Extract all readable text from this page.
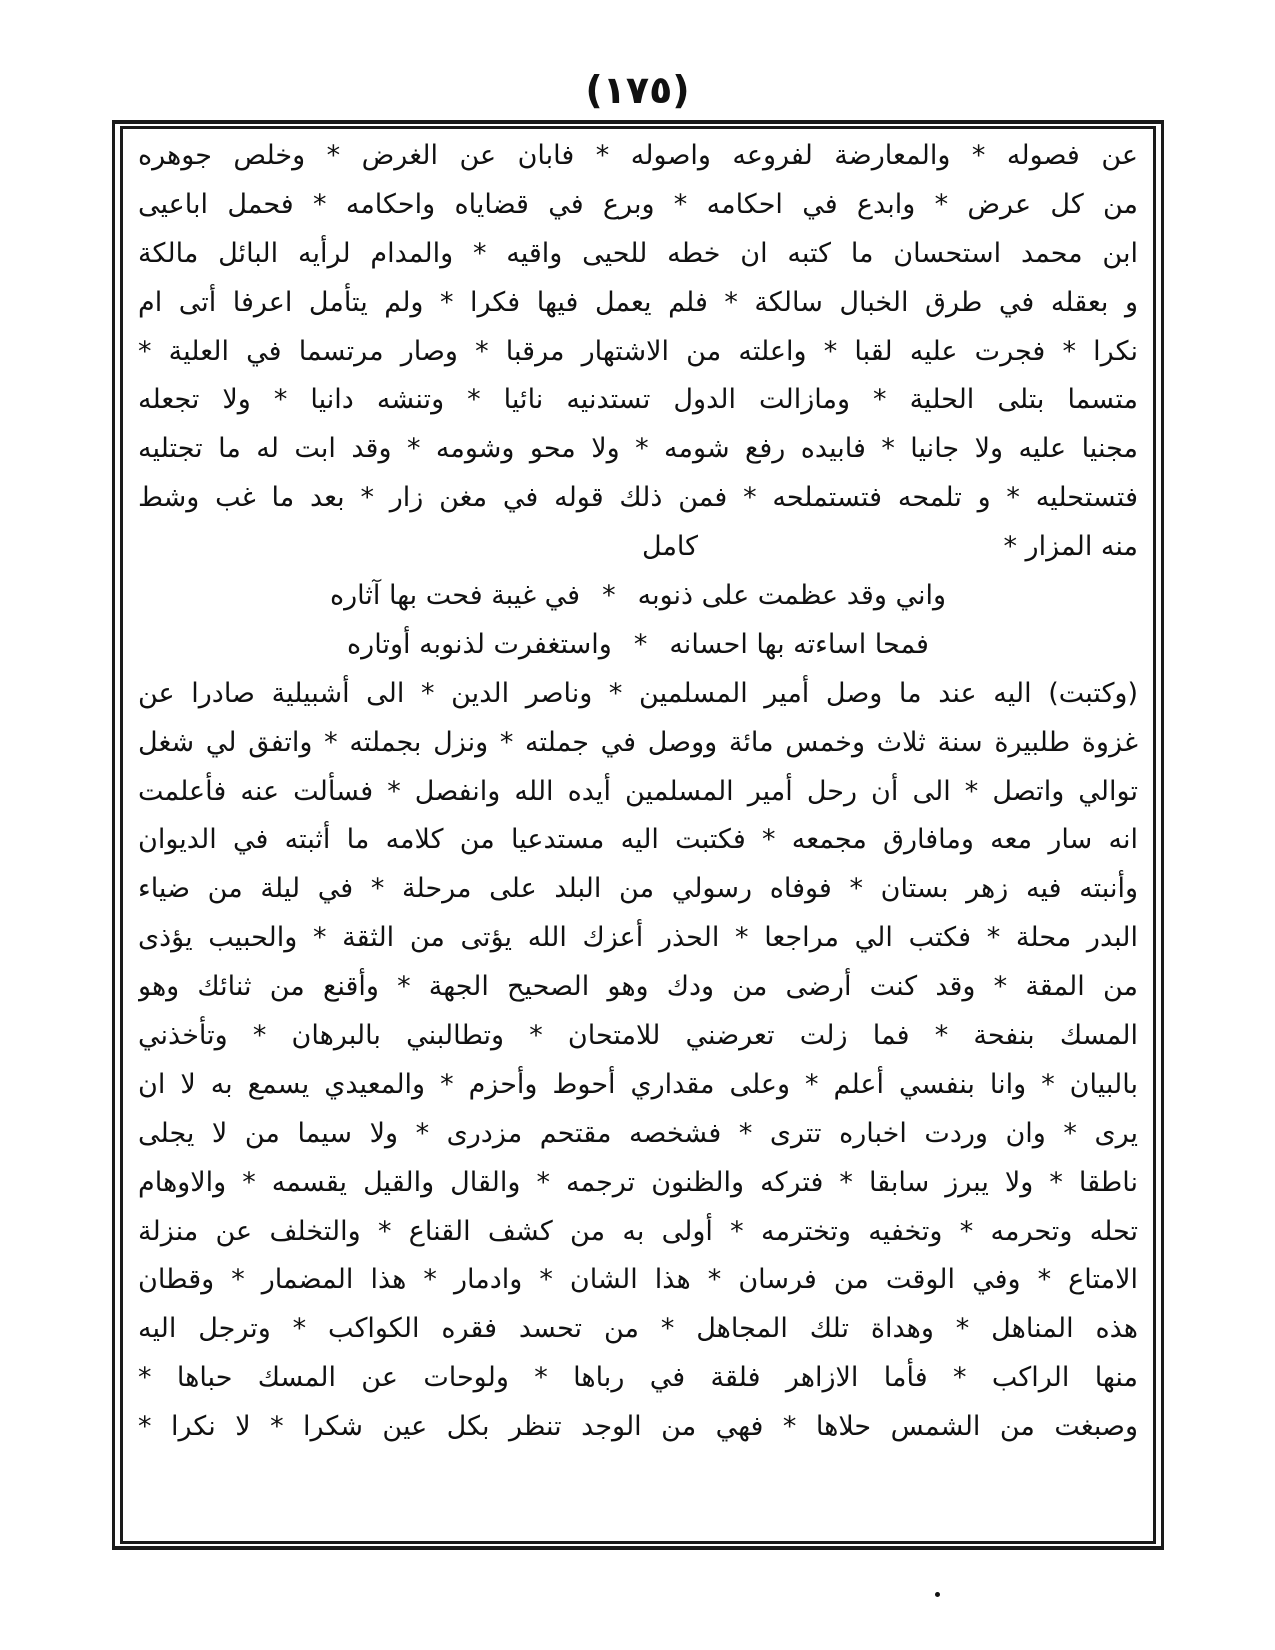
(١٧٥)
عن فصوله * والمعارضة لفروعه واصوله * فابان عن الغرض * وخلص جوهره
من كل عرض * وابدع في احكامه * وبرع في قضاياه واحكامه * فحمل اباعيى
ابن محمد استحسان ما كتبه ان خطه للحيى واقيه * والمدام لرأيه البائل مالكة
و بعقله في طرق الخبال سالكة * فلم يعمل فيها فكرا * ولم يتأمل اعرفا أتى ام
نكرا * فجرت عليه لقبا * واعلته من الاشتهار مرقبا * وصار مرتسما في العلية *
متسما بتلى الحلية * ومازالت الدول تستدنيه نائيا * وتنشه دانيا * ولا تجعله
مجنيا عليه ولا جانيا * فابيده رفع شومه * ولا محو وشومه * وقد ابت له ما تجتليه
فتستحليه * و تلمحه فتستملحه * فمن ذلك قوله في مغن زار * بعد ما غب وشط
منه المزار *
كامل
واني وقد عظمت على ذنوبه
*
في غيبة فحت بها آثاره
فمحا اساءته بها احسانه
*
واستغفرت لذنوبه أوتاره
(وكتبت) اليه عند ما وصل أمير المسلمين * وناصر الدين * الى أشبيلية صادرا عن
غزوة طلبيرة سنة ثلاث وخمس مائة ووصل في جملته * ونزل بجملته * واتفق لي شغل
توالي واتصل * الى أن رحل أمير المسلمين أيده الله وانفصل * فسألت عنه فأعلمت
انه سار معه ومافارق مجمعه * فكتبت اليه مستدعيا من كلامه ما أثبته في الديوان
وأنبته فيه زهر بستان * فوفاه رسولي من البلد على مرحلة * في ليلة من ضياء
البدر محلة * فكتب الي مراجعا * الحذر أعزك الله يؤتى من الثقة * والحبيب يؤذى
من المقة * وقد كنت أرضى من ودك وهو الصحيح الجهة * وأقنع من ثنائك وهو
المسك بنفحة * فما زلت تعرضني للامتحان * وتطالبني بالبرهان * وتأخذني
بالبيان * وانا بنفسي أعلم * وعلى مقداري أحوط وأحزم * والمعيدي يسمع به لا ان
يرى * وان وردت اخباره تترى * فشخصه مقتحم مزدرى * ولا سيما من لا يجلى
ناطقا * ولا يبرز سابقا * فتركه والظنون ترجمه * والقال والقيل يقسمه * والاوهام
تحله وتحرمه * وتخفيه وتخترمه * أولى به من كشف القناع * والتخلف عن منزلة
الامتاع * وفي الوقت من فرسان * هذا الشان * وادمار * هذا المضمار * وقطان
هذه المناهل * وهداة تلك المجاهل * من تحسد فقره الكواكب * وترجل اليه
منها الراكب * فأما الازاهر فلقة في رباها * ولوحات عن المسك حباها *
وصبغت من الشمس حلاها * فهي من الوجد تنظر بكل عين شكرا * لا نكرا *
